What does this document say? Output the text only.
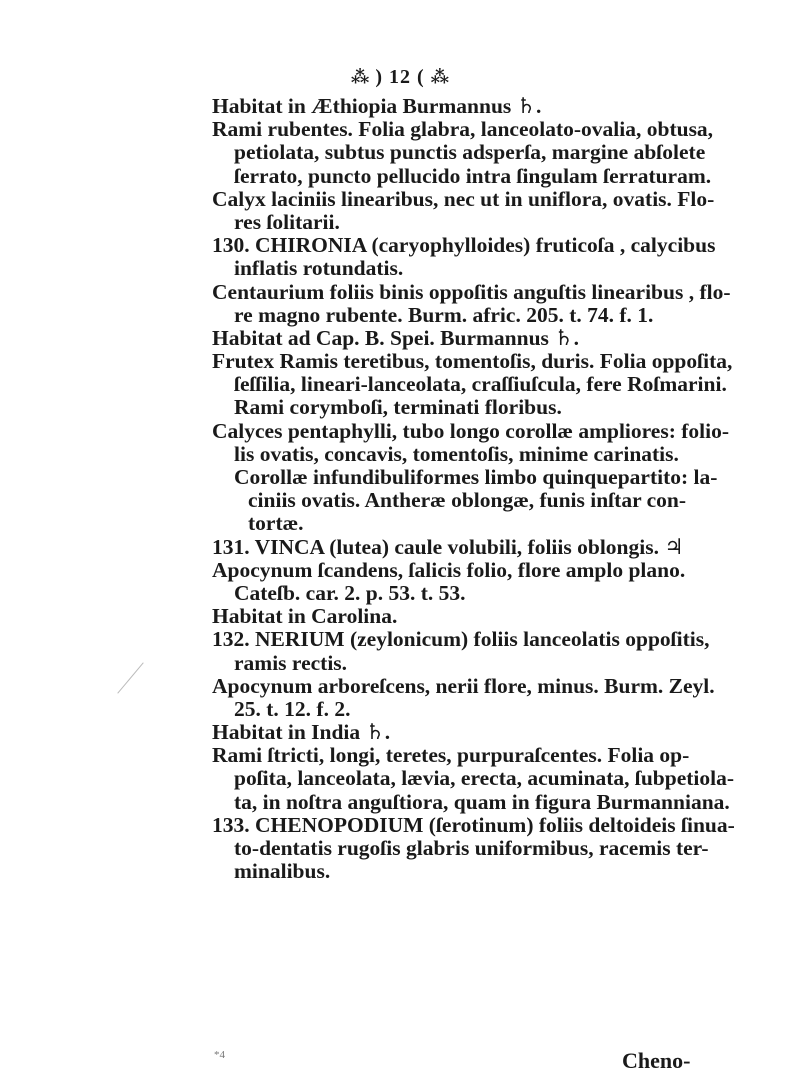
⁂ ) 12 ( ⁂
Habitat in Æthiopia Burmannus ♄.
Rami rubentes. Folia glabra, lanceolato-ovalia, obtusa,
petiolata, subtus punctis adsperſa, margine abſolete
ſerrato, puncto pellucido intra ſingulam ſerraturam.
Calyx laciniis linearibus, nec ut in uniflora, ovatis. Flo-
res ſolitarii.
130. CHIRONIA (caryophylloides) fruticoſa , calycibus
inflatis rotundatis.
Centaurium foliis binis oppoſitis anguſtis linearibus , flo-
re magno rubente. Burm. afric. 205. t. 74. f. 1.
Habitat ad Cap. B. Spei. Burmannus ♄.
Frutex Ramis teretibus, tomentoſis, duris. Folia oppoſita,
ſeſſilia, lineari-lanceolata, craſſiuſcula, fere Roſmarini.
Rami corymboſi, terminati floribus.
Calyces pentaphylli, tubo longo corollæ ampliores: folio-
lis ovatis, concavis, tomentoſis, minime carinatis.
Corollæ infundibuliformes limbo quinquepartito: la-
ciniis ovatis. Antheræ oblongæ, funis inſtar con-
tortæ.
131. VINCA (lutea) caule volubili, foliis oblongis. ♃
Apocynum ſcandens, ſalicis folio, flore amplo plano.
Cateſb. car. 2. p. 53. t. 53.
Habitat in Carolina.
132. NERIUM (zeylonicum) foliis lanceolatis oppoſitis,
ramis rectis.
Apocynum arboreſcens, nerii flore, minus. Burm. Zeyl.
25. t. 12. f. 2.
Habitat in India ♄.
Rami ſtricti, longi, teretes, purpuraſcentes. Folia op-
poſita, lanceolata, lævia, erecta, acuminata, ſubpetiola-
ta, in noſtra anguſtiora, quam in figura Burmanniana.
133. CHENOPODIUM (ſerotinum) foliis deltoideis ſinua-
to-dentatis rugoſis glabris uniformibus, racemis ter-
minalibus.
*4	Cheno-
